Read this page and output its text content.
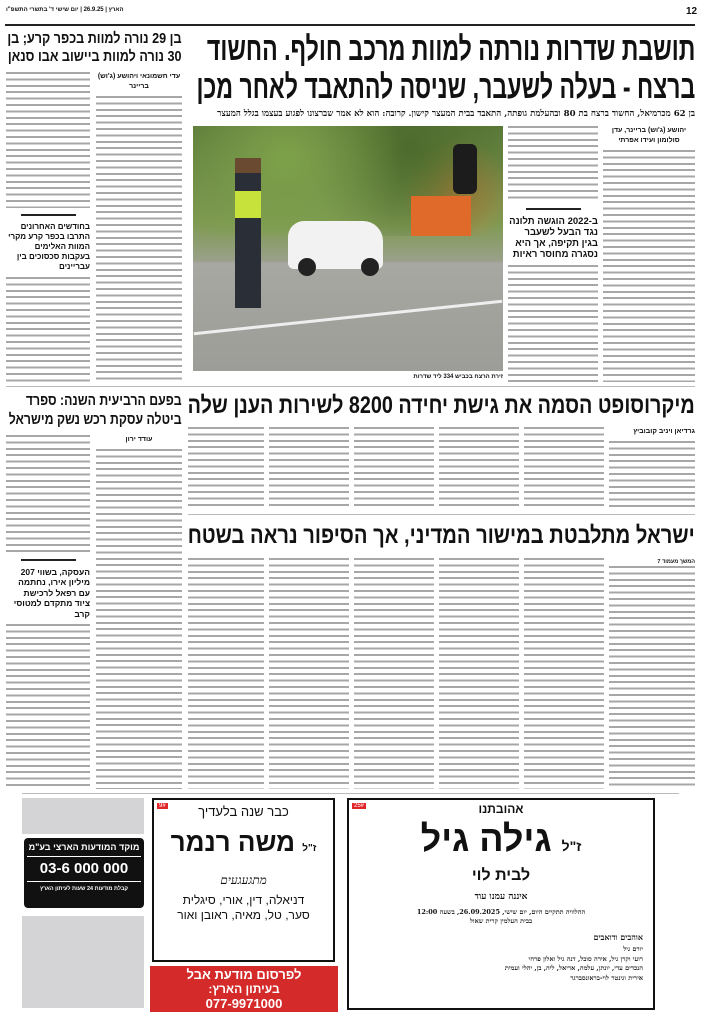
12
הארץ | 26.9.25 | יום שישי ד' בתשרי התשפ"ו
תושבת שדרות נורתה למוות מרכב חולף. החשוד ברצח - בעלה לשעבר, שניסה להתאבד לאחר מכן
בן 62 מכרמיאל, החשוד ברצח בת 80 ובהעלמת גופתה, התאבד בבית המעצר קישון. קרובה: הוא לא אמר שברצונו לפגוע בעצמו בגלל המעצר
יהושע (ג'וש) בריינר, עדן סולומון ועידו אפרתי
ב-2022 הוגשה תלונה נגד הבעל לשעבר בגין תקיפה, אך היא נסגרה מחוסר ראיות
זירת הרצח בכביש 334 ליד שדרות
בן 29 נורה למוות בכפר קרע; בן 30 נורה למוות ביישוב אבו סנאן
עדי חשמונאי ויהושע (ג'וש) בריינר
בחודשים האחרונים התרבו בכפר קרע מקרי המוות האלימים בעקבות סכסוכים בין עבריינים
מיקרוסופט הסמה את גישת יחידה 8200 לשירות הענן שלה
גרדיאן ויניב קובוביץ
ישראל מתלבטת במישור המדיני, אך הסיפור נראה בשטח
המשך מעמוד 7
בפעם הרביעית השנה: ספרד ביטלה עסקת רכש נשק מישראל
עודד ירון
העסקה, בשווי 207 מיליון אירו, נחתמה עם רפאל לרכישת ציוד מתקדם למטוסי קרב
מוקד המודעות הארצי בע"מ
03-6 000 000
קבלת מודעות 24 שעות לעיתון הארץ
9#	כבר שנה בלעדיך
ז"ל משה רנמר
מתגעגעים
דניאלה, דין, אורי, סיגלית
סער, טל, מאיה, ראובן ואור
לפרסום מודעת אבל
בעיתון הארץ:
077-9971000
25#	אהובתנו
ז"ל גילה גיל
לבית לוי
איננה עמנו עוד
ההלוויה תתקיים היום, יום שישי, 26.09.2025, בשעה 12:00
בבית העלמין קרית שאול
אוהבים ודואבים
יורם גיל
רועי וקרן גיל, אירה סובל, דנה גיל ואלון פרחי
הנכדים עדי, יונתן, עלמה, אריאל, ליה, בן, יהלי ועמית
אירית וגינטר לוי-בראונסברגר
